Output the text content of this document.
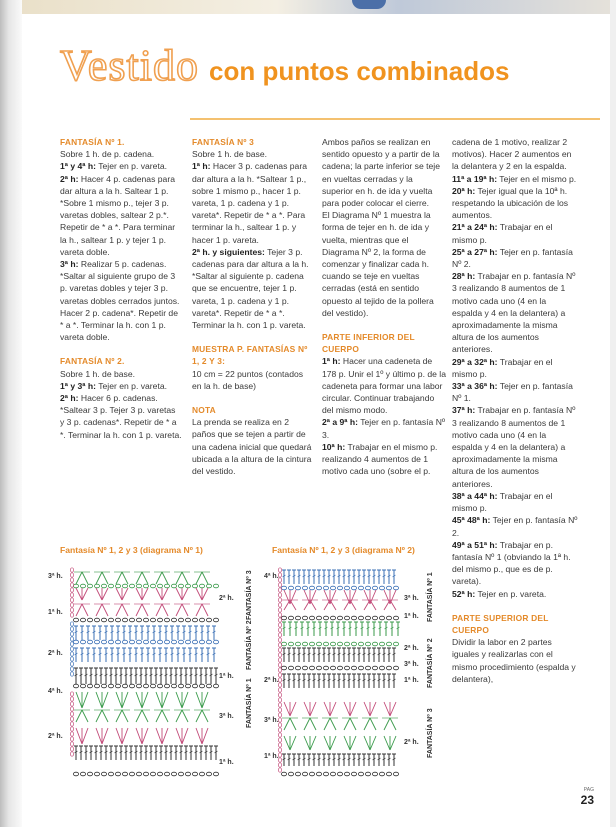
Vestido con puntos combinados

FANTASÍA Nº 1.

Sobre 1 h. de p. cadena.

1ª y 4ª h: Tejer en p. vareta.

2ª h: Hacer 4 p. cadenas para dar altura a la h. Saltear 1 p. *Sobre 1 mismo p., tejer 3 p. varetas dobles, saltear 2 p.*. Repetir de * a *. Para terminar la h., saltear 1 p. y tejer 1 p. vareta doble.

3ª h: Realizar 5 p. cadenas. *Saltar al siguiente grupo de 3 p. varetas dobles y tejer 3 p. varetas dobles cerrados juntos. Hacer 2 p. cadena*. Repetir de * a *. Terminar la h. con 1 p. vareta doble.

FANTASÍA Nº 2.

Sobre 1 h. de base.

1ª y 3ª h: Tejer en p. vareta.

2ª h: Hacer 6 p. cadenas. *Saltear 3 p. Tejer 3 p. varetas y 3 p. cadenas*. Repetir de * a *. Terminar la h. con 1 p. vareta.

FANTASÍA Nº 3

Sobre 1 h. de base.

1ª h: Hacer 3 p. cadenas para dar altura a la h. *Saltear 1 p., sobre 1 mismo p., hacer 1 p. vareta, 1 p. cadena y 1 p. vareta*. Repetir de * a *. Para terminar la h., saltear 1 p. y hacer 1 p. vareta.

2ª h. y siguientes: Tejer 3 p. cadenas para dar altura a la h. *Saltar al siguiente p. cadena que se encuentre, tejer 1 p. vareta, 1 p. cadena y 1 p. vareta*. Repetir de * a *. Terminar la h. con 1 p. vareta.

MUESTRA P. FANTASÍAS Nº 1, 2 Y 3:

10 cm = 22 puntos (contados en la h. de base)

NOTA

La prenda se realiza en 2 paños que se tejen a partir de una cadena inicial que quedará ubicada a la altura de la cintura del vestido.

Ambos paños se realizan en sentido opuesto y a partir de la cadena; la parte inferior se teje en vueltas cerradas y la superior en h. de ida y vuelta para poder colocar el cierre.

El Diagrama Nº 1 muestra la forma de tejer en h. de ida y vuelta, mientras que el Diagrama Nº 2, la forma de comenzar y finalizar cada h. cuando se teje en vueltas cerradas (está en sentido opuesto al tejido de la pollera del vestido).

PARTE INFERIOR DEL CUERPO

1ª h: Hacer una cadeneta de 178 p. Unir el 1º y último p. de la cadeneta para formar una labor circular. Continuar trabajando del mismo modo.

2ª a 9ª h: Tejer en p. fantasía Nº 3.

10ª h: Trabajar en el mismo p. realizando 4 aumentos de 1 motivo cada uno (sobre el p.

cadena de 1 motivo, realizar 2 motivos). Hacer 2 aumentos en la delantera y 2 en la espalda.

11ª a 19ª h: Tejer en el mismo p.

20ª h: Tejer igual que la 10ª h. respetando la ubicación de los aumentos.

21ª a 24ª h: Trabajar en el mismo p.

25ª a 27ª h: Tejer en p. fantasía Nº 2.

28ª h: Trabajar en p. fantasía Nº 3 realizando 8 aumentos de 1 motivo cada uno (4 en la espalda y 4 en la delantera) a aproximadamente la misma altura de los aumentos anteriores.

29ª a 32ª h: Trabajar en el mismo p.

33ª a 36ª h: Tejer en p. fantasía Nº 1.

37ª h: Trabajar en p. fantasía Nº 3 realizando 8 aumentos de 1 motivo cada uno (4 en la espalda y 4 en la delantera) a aproximadamente la misma altura de los aumentos anteriores.

38ª a 44ª h: Trabajar en el mismo p.

45ª 48ª h: Tejer en p. fantasía Nº 2.

49ª a 51ª h: Trabajar en p. fantasía Nº 1 (obviando la 1ª h. del mismo p., que es de p. vareta).

52ª h: Tejer en p. vareta.

PARTE SUPERIOR DEL CUERPO

Dividir la labor en 2 partes iguales y realizarlas con el mismo procedimiento (espalda y delantera),

Fantasía Nº 1, 2 y 3 (diagrama Nº 1)	Fantasía Nº 1, 2 y 3 (diagrama Nº 2)
3ª h.
1ª h.
2ª h.
4ª h.
2ª h.
2ª h.
1ª h.
3ª h.
1ª h.
FANTASÍA Nº 3
FANTASÍA Nº 2
FANTASÍA Nº 1
4ª h.
2ª h.
3ª h.
1ª h.
3ª h.
1ª h.
2ª h.
3ª h.
1ª h.
2ª h.
FANTASÍA Nº 1
FANTASÍA Nº 2
FANTASÍA Nº 3
PAG
23
